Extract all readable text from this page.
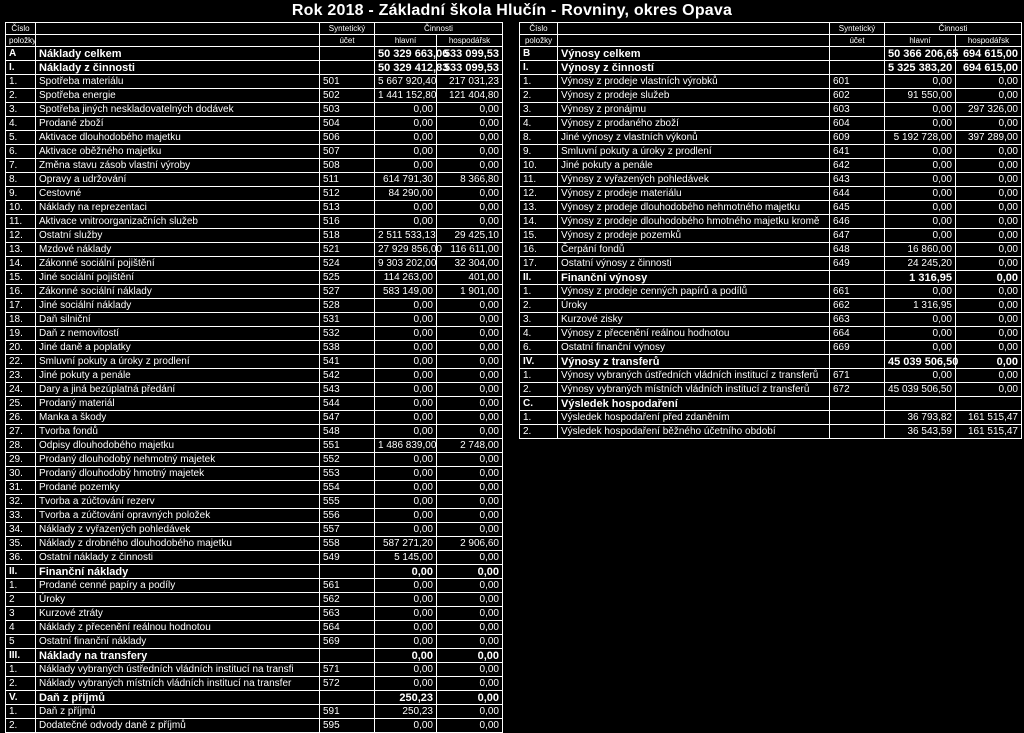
Rok 2018 - Základní škola Hlučín - Rovniny, okres Opava
Číslo		Syntetický	Činnosti	
položky		účet	hlavní	hospodářsk
A	Náklady celkem		50 329 663,06	533 099,53
I.	Náklady z činnosti		50 329 412,83	533 099,53
1.	Spotřeba materiálu	501	5 667 920,40	217 031,23
2.	Spotřeba energie	502	1 441 152,80	121 404,80
3.	Spotřeba jiných neskladovatelných dodávek	503	0,00	0,00
4.	Prodané zboží	504	0,00	0,00
5.	Aktivace dlouhodobého majetku	506	0,00	0,00
6.	Aktivace oběžného majetku	507	0,00	0,00
7.	Změna stavu zásob vlastní výroby	508	0,00	0,00
8.	Opravy a udržování	511	614 791,30	8 366,80
9.	Cestovné	512	84 290,00	0,00
10.	Náklady na reprezentaci	513	0,00	0,00
11.	Aktivace vnitroorganizačních služeb	516	0,00	0,00
12.	Ostatní služby	518	2 511 533,13	29 425,10
13.	Mzdové náklady	521	27 929 856,00	116 611,00
14.	Zákonné sociální pojištění	524	9 303 202,00	32 304,00
15.	Jiné sociální pojištění	525	114 263,00	401,00
16.	Zákonné sociální náklady	527	583 149,00	1 901,00
17.	Jiné sociální náklady	528	0,00	0,00
18.	Daň silniční	531	0,00	0,00
19.	Daň z nemovitostí	532	0,00	0,00
20.	Jiné daně a poplatky	538	0,00	0,00
22.	Smluvní pokuty a úroky z prodlení	541	0,00	0,00
23.	Jiné pokuty a penále	542	0,00	0,00
24.	Dary a jiná bezúplatná předání	543	0,00	0,00
25.	Prodaný materiál	544	0,00	0,00
26.	Manka a škody	547	0,00	0,00
27.	Tvorba fondů	548	0,00	0,00
28.	Odpisy dlouhodobého majetku	551	1 486 839,00	2 748,00
29.	Prodaný dlouhodobý nehmotný majetek	552	0,00	0,00
30.	Prodaný dlouhodobý hmotný majetek	553	0,00	0,00
31.	Prodané pozemky	554	0,00	0,00
32.	Tvorba a zúčtování rezerv	555	0,00	0,00
33.	Tvorba a zúčtování opravných položek	556	0,00	0,00
34.	Náklady z vyřazených pohledávek	557	0,00	0,00
35.	Náklady z drobného dlouhodobého majetku	558	587 271,20	2 906,60
36.	Ostatní náklady z činnosti	549	5 145,00	0,00
II.	Finanční náklady		0,00	0,00
1.	Prodané cenné papíry a podíly	561	0,00	0,00
2	Úroky	562	0,00	0,00
3	Kurzové ztráty	563	0,00	0,00
4	Náklady z přecenění reálnou hodnotou	564	0,00	0,00
5	Ostatní finanční náklady	569	0,00	0,00
III.	Náklady na transfery		0,00	0,00
1.	Náklady vybraných ústředních vládních institucí na transfi	571	0,00	0,00
2.	Náklady vybraných místních vládních institucí na transfer	572	0,00	0,00
V.	Daň z příjmů		250,23	0,00
1.	Daň z příjmů	591	250,23	0,00
2.	Dodatečné odvody daně z příjmů	595	0,00	0,00
Číslo		Syntetický	Činnosti	
položky		účet	hlavní	hospodářsk
B	Výnosy celkem		50 366 206,65	694 615,00
I.	Výnosy z činností		5 325 383,20	694 615,00
1.	Výnosy z prodeje vlastních výrobků	601	0,00	0,00
2.	Výnosy z prodeje služeb	602	91 550,00	0,00
3.	Výnosy z pronájmu	603	0,00	297 326,00
4.	Výnosy z prodaného zboží	604	0,00	0,00
8.	Jiné výnosy z vlastních výkonů	609	5 192 728,00	397 289,00
9.	Smluvní pokuty a úroky z prodlení	641	0,00	0,00
10.	Jiné pokuty a penále	642	0,00	0,00
11.	Výnosy z vyřazených pohledávek	643	0,00	0,00
12.	Výnosy z prodeje materiálu	644	0,00	0,00
13.	Výnosy z prodeje dlouhodobého nehmotného majetku	645	0,00	0,00
14.	Výnosy z prodeje dlouhodobého hmotného majetku kromě	646	0,00	0,00
15.	Výnosy z prodeje pozemků	647	0,00	0,00
16.	Čerpání fondů	648	16 860,00	0,00
17.	Ostatní výnosy z činnosti	649	24 245,20	0,00
II.	Finanční výnosy		1 316,95	0,00
1.	Výnosy z prodeje cenných papírů a podílů	661	0,00	0,00
2.	Úroky	662	1 316,95	0,00
3.	Kurzové zisky	663	0,00	0,00
4.	Výnosy z přecenění reálnou hodnotou	664	0,00	0,00
6.	Ostatní finanční výnosy	669	0,00	0,00
IV.	Výnosy z transferů		45 039 506,50	0,00
1.	Výnosy vybraných ústředních vládních institucí z transferů	671	0,00	0,00
2.	Výnosy vybraných místních vládních institucí z transferů	672	45 039 506,50	0,00
C.	Výsledek hospodaření			
1.	Výsledek hospodaření před zdaněním		36 793,82	161 515,47
2.	Výsledek hospodaření běžného účetního období		36 543,59	161 515,47
